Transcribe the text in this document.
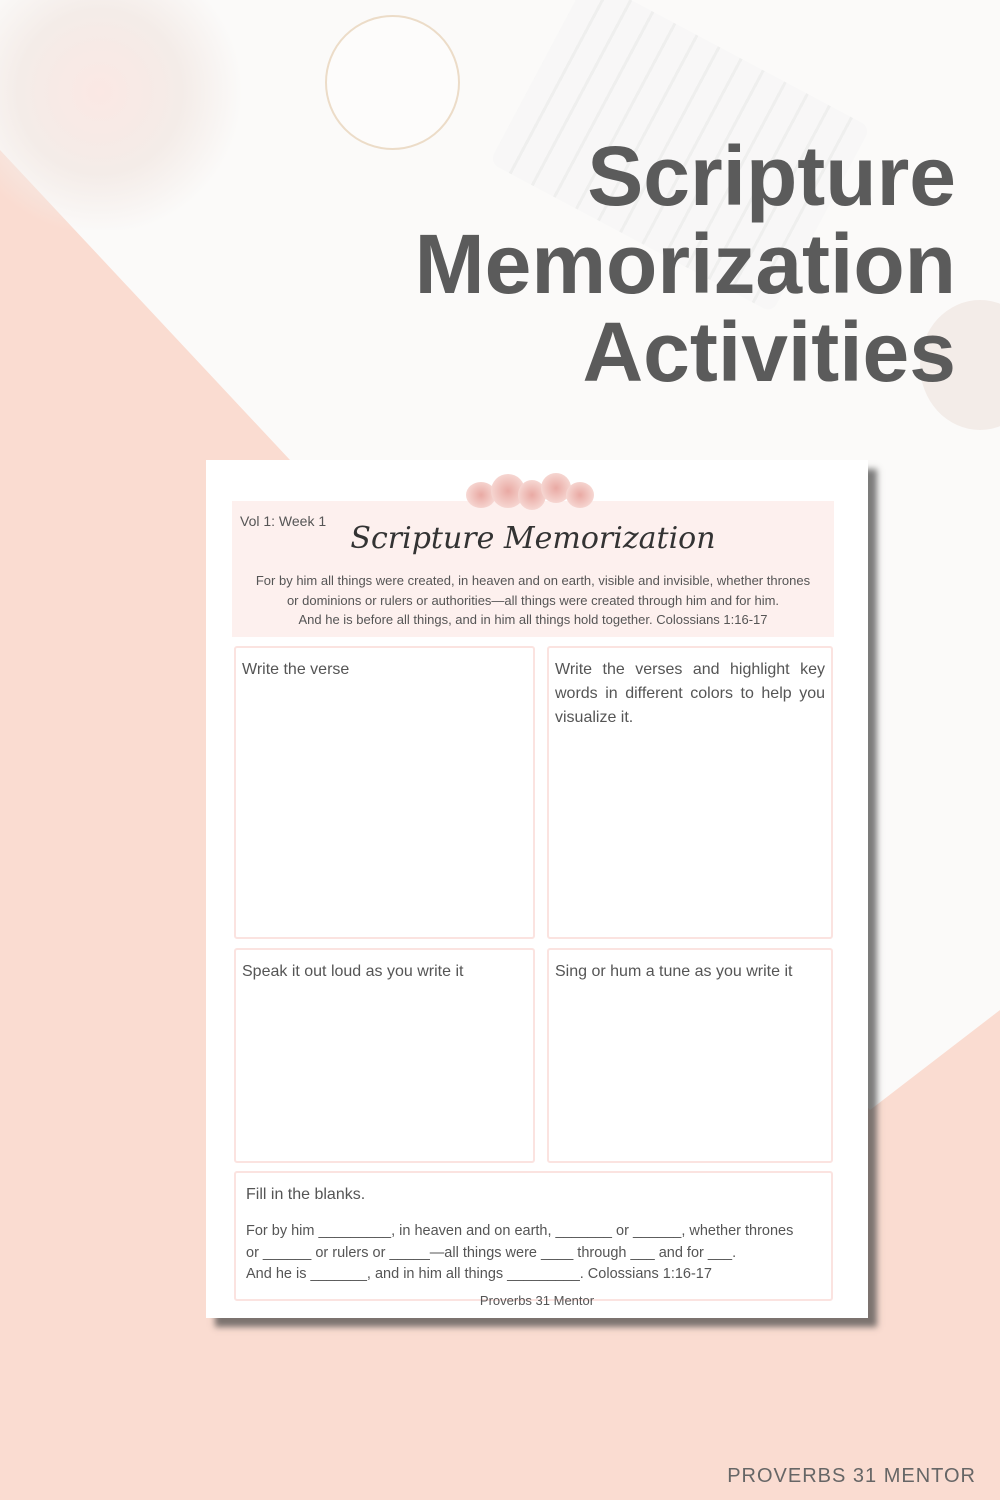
Scripture
Memorization
Activities
Vol 1: Week 1 Scripture Memorization
For by him all things were created, in heaven and on earth, visible and invisible, whether thrones
or dominions or rulers or authorities—all things were created through him and for him.
And he is before all things, and in him all things hold together. Colossians 1:16-17
Write the verse	Write the verses and highlight key words in different colors to help you visualize it.
Speak it out loud as you write it	Sing or hum a tune as you write it
Fill in the blanks.
For by him _________, in heaven and on earth, _______ or ______, whether thrones
or ______ or rulers or _____—all things were ____ through ___ and for ___.
And he is _______, and in him all things _________. Colossians 1:16-17
Proverbs 31 Mentor
PROVERBS 31 MENTOR
